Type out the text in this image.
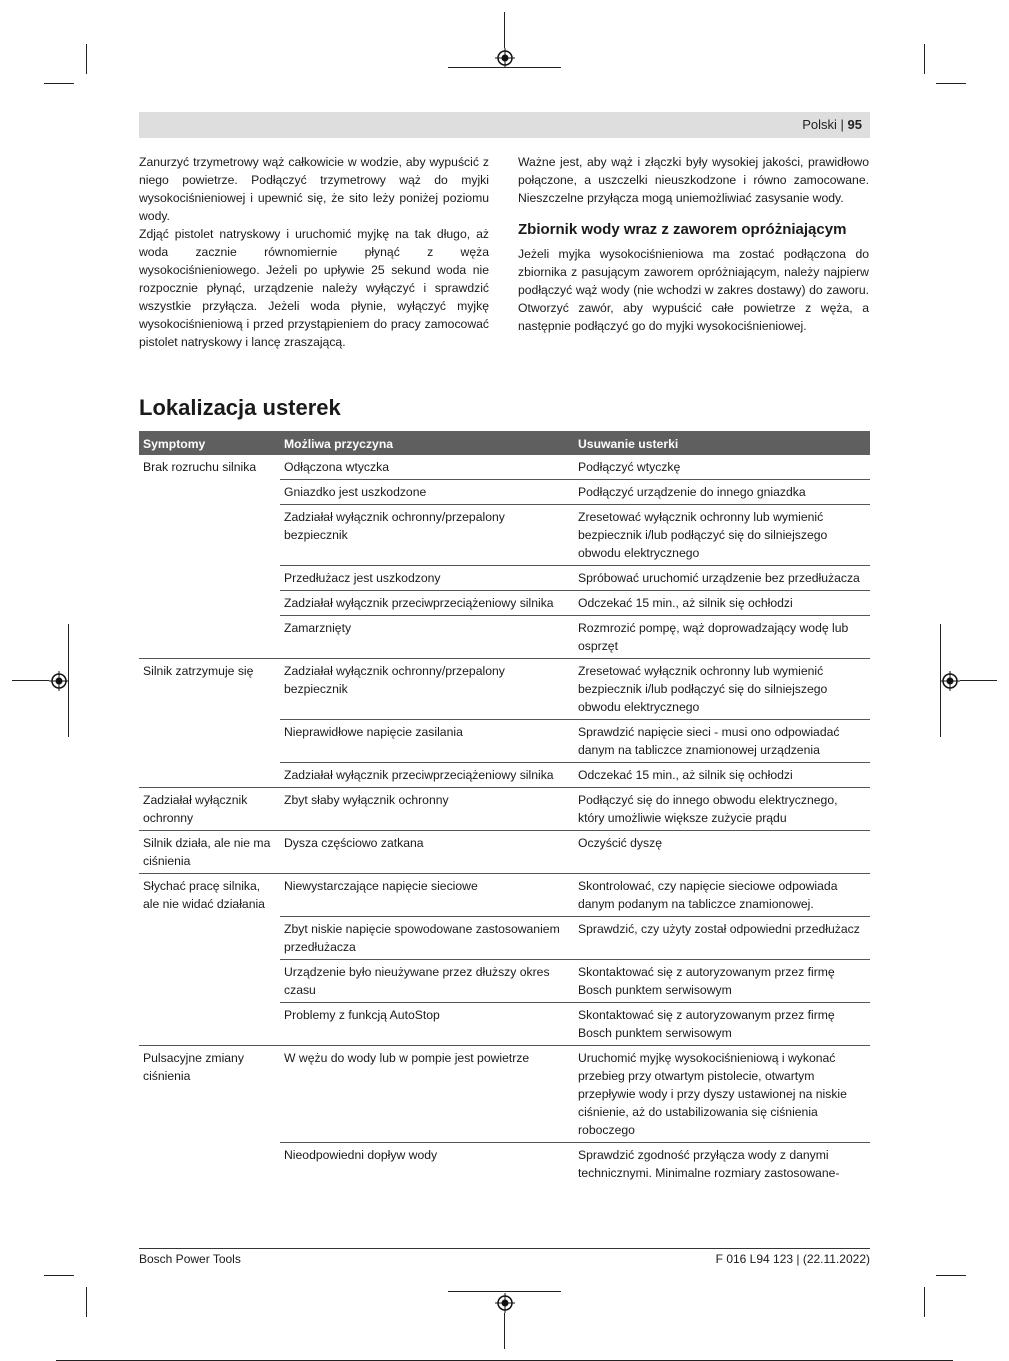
Polski | 95

Zanurzyć trzymetrowy wąż całkowicie w wodzie, aby wypuścić z niego powietrze. Podłączyć trzymetrowy wąż do myjki wysokociśnieniowej i upewnić się, że sito leży poniżej poziomu wody.

Zdjąć pistolet natryskowy i uruchomić myjkę na tak długo, aż woda zacznie równomiernie płynąć z węża wysokociśnieniowego. Jeżeli po upływie 25 sekund woda nie rozpocznie płynąć, urządzenie należy wyłączyć i sprawdzić wszystkie przyłącza. Jeżeli woda płynie, wyłączyć myjkę wysokociśnieniową i przed przystąpieniem do pracy zamocować pistolet natryskowy i lancę zraszającą.

Ważne jest, aby wąż i złączki były wysokiej jakości, prawidłowo połączone, a uszczelki nieuszkodzone i równo zamocowane. Nieszczelne przyłącza mogą uniemożliwiać zasysanie wody.

Zbiornik wody wraz z zaworem opróżniającym

Jeżeli myjka wysokociśnieniowa ma zostać podłączona do zbiornika z pasującym zaworem opróżniającym, należy najpierw podłączyć wąż wody (nie wchodzi w zakres dostawy) do zaworu. Otworzyć zawór, aby wypuścić całe powietrze z węża, a następnie podłączyć go do myjki wysokociśnieniowej.

Lokalizacja usterek
Symptomy	Możliwa przyczyna	Usuwanie usterki
Brak rozruchu silnika	Odłączona wtyczka	Podłączyć wtyczkę
	Gniazdko jest uszkodzone	Podłączyć urządzenie do innego gniazdka
	Zadziałał wyłącznik ochronny/przepalony bezpiecznik	Zresetować wyłącznik ochronny lub wymienić bezpiecznik i/lub podłączyć się do silniejszego obwodu elektrycznego
	Przedłużacz jest uszkodzony	Spróbować uruchomić urządzenie bez przedłużacza
	Zadziałał wyłącznik przeciwprzeciążeniowy silnika	Odczekać 15 min., aż silnik się ochłodzi
	Zamarznięty	Rozmrozić pompę, wąż doprowadzający wodę lub osprzęt
Silnik zatrzymuje się	Zadziałał wyłącznik ochronny/przepalony bezpiecznik	Zresetować wyłącznik ochronny lub wymienić bezpiecznik i/lub podłączyć się do silniejszego obwodu elektrycznego
	Nieprawidłowe napięcie zasilania	Sprawdzić napięcie sieci - musi ono odpowiadać danym na tabliczce znamionowej urządzenia
	Zadziałał wyłącznik przeciwprzeciążeniowy silnika	Odczekać 15 min., aż silnik się ochłodzi
Zadziałał wyłącznik ochronny	Zbyt słaby wyłącznik ochronny	Podłączyć się do innego obwodu elektrycznego, który umożliwie większe zużycie prądu
Silnik działa, ale nie ma ciśnienia	Dysza częściowo zatkana	Oczyścić dyszę
Słychać pracę silnika, ale nie widać działania	Niewystarczające napięcie sieciowe	Skontrolować, czy napięcie sieciowe odpowiada danym podanym na tabliczce znamionowej.
	Zbyt niskie napięcie spowodowane zastosowaniem przedłużacza	Sprawdzić, czy użyty został odpowiedni przedłużacz
	Urządzenie było nieużywane przez dłuższy okres czasu	Skontaktować się z autoryzowanym przez firmę Bosch punktem serwisowym
	Problemy z funkcją AutoStop	Skontaktować się z autoryzowanym przez firmę Bosch punktem serwisowym
Pulsacyjne zmiany ciśnienia	W wężu do wody lub w pompie jest powietrze	Uruchomić myjkę wysokociśnieniową i wykonać przebieg przy otwartym pistolecie, otwartym przepływie wody i przy dyszy ustawionej na niskie ciśnienie, aż do ustabilizowania się ciśnienia roboczego
	Nieodpowiedni dopływ wody	Sprawdzić zgodność przyłącza wody z danymi technicznymi. Minimalne rozmiary zastosowane-
Bosch Power Tools	F 016 L94 123 | (22.11.2022)
